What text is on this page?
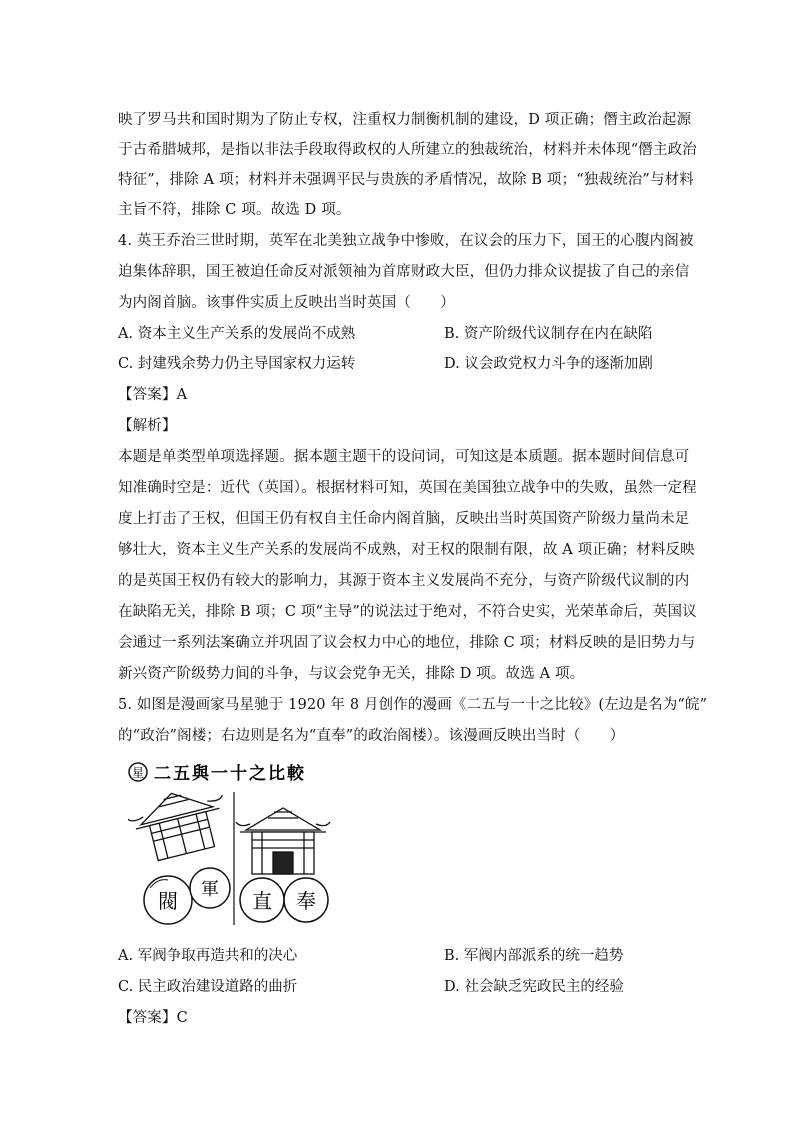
映了罗马共和国时期为了防止专权，注重权力制衡机制的建设，D 项正确；僭主政治起源
于古希腊城邦，是指以非法手段取得政权的人所建立的独裁统治，材料并未体现“僭主政治
特征”，排除 A 项；材料并未强调平民与贵族的矛盾情况，故除 B 项；“独裁统治”与材料
主旨不符，排除 C 项。故选 D 项。
4. 英王乔治三世时期，英军在北美独立战争中惨败，在议会的压力下，国王的心腹内阁被
迫集体辞职，国王被迫任命反对派领袖为首席财政大臣，但仍力排众议提拔了自己的亲信
为内阁首脑。该事件实质上反映出当时英国（　　）
A. 资本主义生产关系的发展尚不成熟	B. 资产阶级代议制存在内在缺陷
C. 封建残余势力仍主导国家权力运转	D. 议会政党权力斗争的逐渐加剧
【答案】A
【解析】
本题是单类型单项选择题。据本题主题干的设问词，可知这是本质题。据本题时间信息可
知准确时空是：近代（英国）。根据材料可知，英国在美国独立战争中的失败，虽然一定程
度上打击了王权，但国王仍有权自主任命内阁首脑，反映出当时英国资产阶级力量尚未足
够壮大，资本主义生产关系的发展尚不成熟，对王权的限制有限，故 A 项正确；材料反映
的是英国王权仍有较大的影响力，其源于资本主义发展尚不充分，与资产阶级代议制的内
在缺陷无关，排除 B 项；C 项“主导”的说法过于绝对，不符合史实，光荣革命后，英国议
会通过一系列法案确立并巩固了议会权力中心的地位，排除 C 项；材料反映的是旧势力与
新兴资产阶级势力间的斗争，与议会党争无关，排除 D 项。故选 A 项。
5. 如图是漫画家马星驰于 1920 年 8 月创作的漫画《二五与一十之比较》(左边是名为“皖”
的“政治”阁楼；右边则是名为“直奉”的政治阁楼）。该漫画反映出当时（　　）
星 二五與一十之比較
閥 軍 直 奉
A. 军阀争取再造共和的决心	B. 军阀内部派系的统一趋势
C. 民主政治建设道路的曲折	D. 社会缺乏宪政民主的经验
【答案】C
